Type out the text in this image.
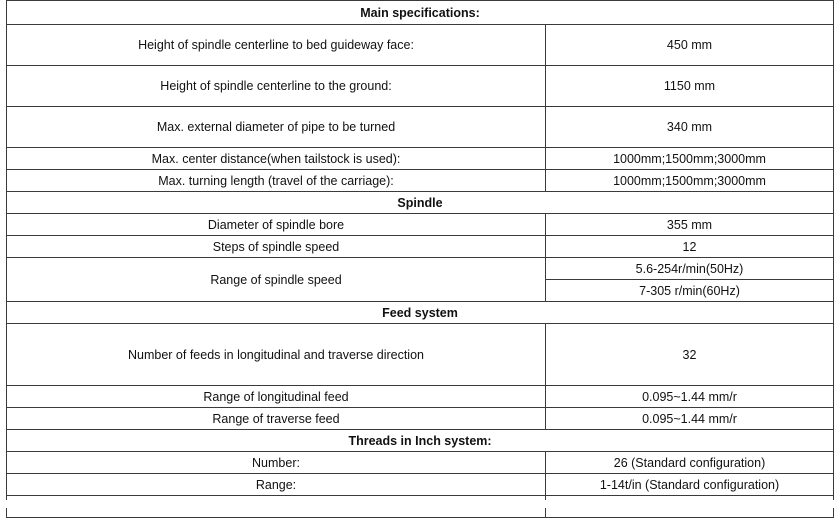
Main specifications:	
Height of spindle centerline to bed guideway face:	450 mm
Height of spindle centerline to the ground:	1150 mm
Max. external diameter of pipe to be turned	340 mm
Max. center distance(when tailstock is used):	1000mm;1500mm;3000mm
Max. turning length (travel of the carriage):	1000mm;1500mm;3000mm
Spindle	
Diameter of spindle bore	355 mm
Steps of spindle speed	12
Range of spindle speed	5.6-254r/min(50Hz)
	7-305 r/min(60Hz)
Feed system	
Number of feeds in longitudinal and traverse direction	32
Range of longitudinal feed	0.095~1.44 mm/r
Range of traverse feed	0.095~1.44 mm/r
Threads in Inch system:	
Number:	26 (Standard configuration)
Range:	1-14t/in (Standard configuration)
